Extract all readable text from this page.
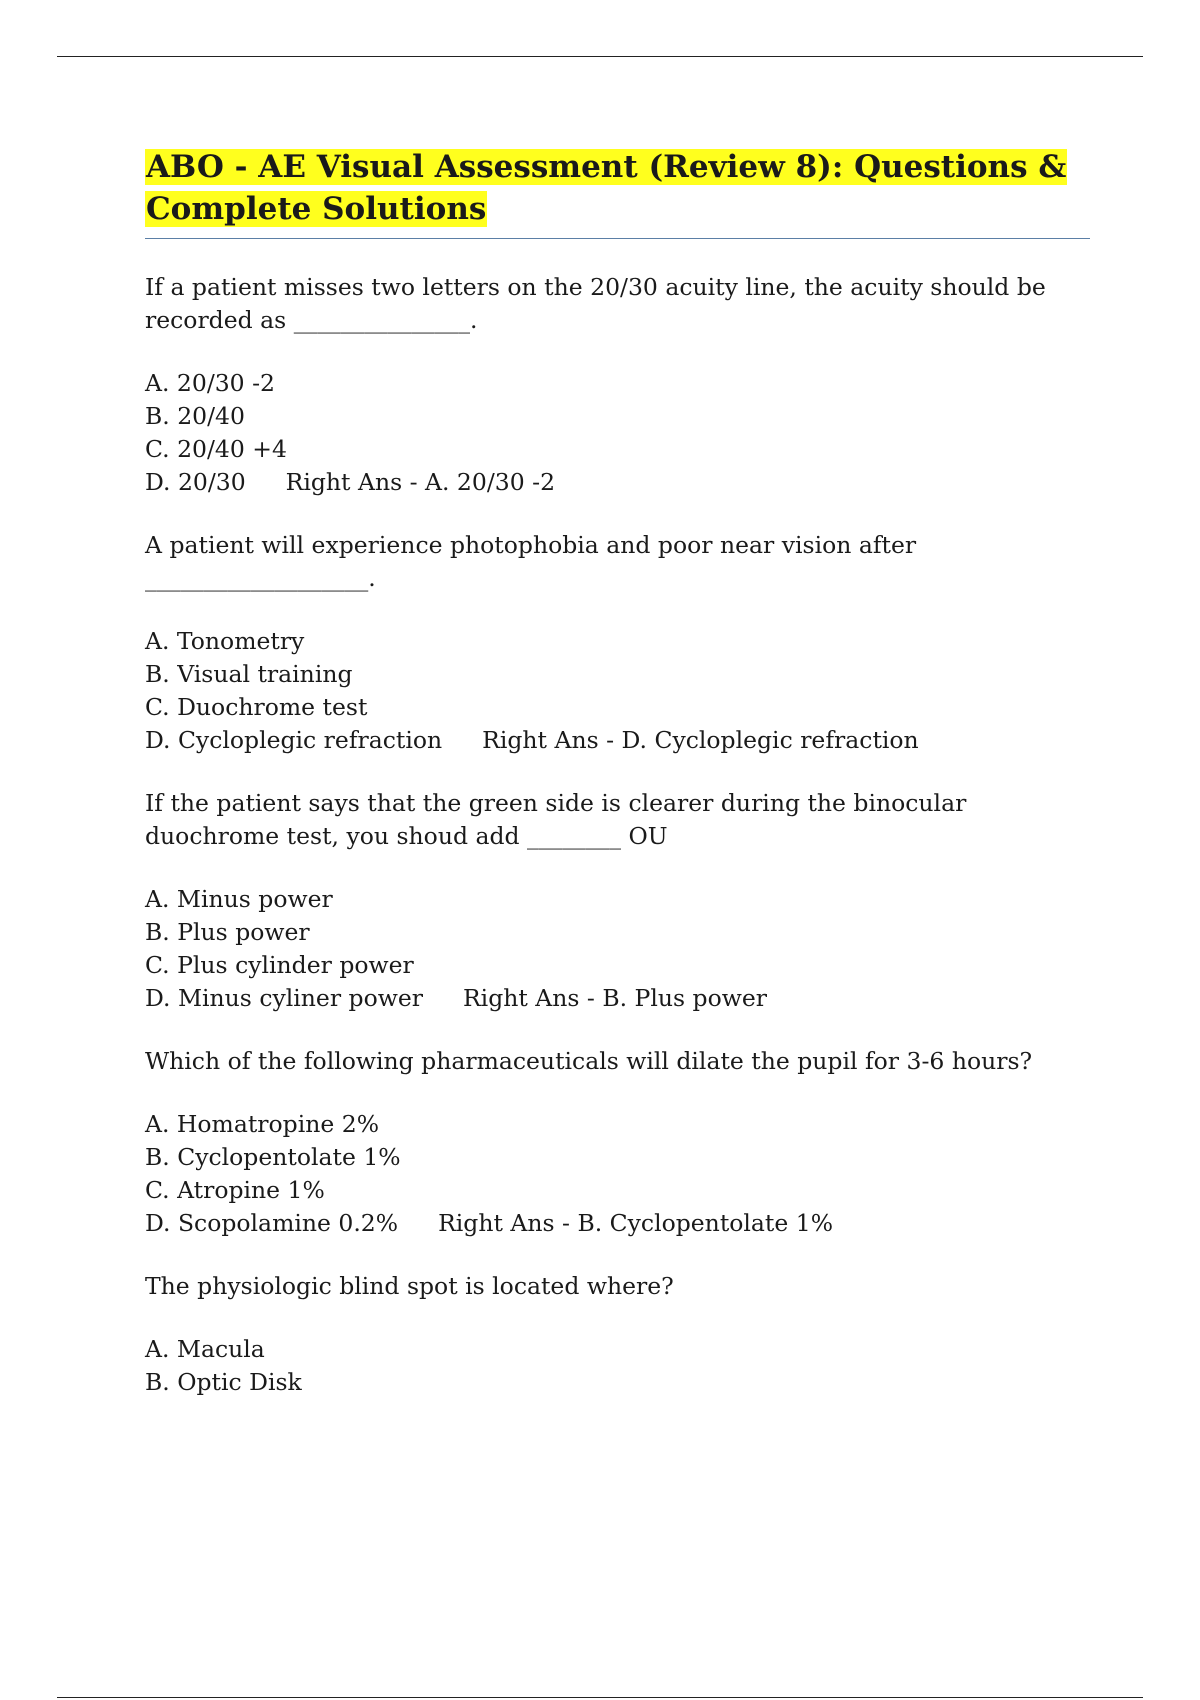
ABO - AE Visual Assessment (Review 8): Questions & Complete Solutions

If a patient misses two letters on the 20/30 acuity line, the acuity should be recorded as _______________.

A. 20/30 -2
B. 20/40
C. 20/40 +4
D. 20/30 Right Ans - A. 20/30 -2

A patient will experience photophobia and poor near vision after ___________________.

A. Tonometry
B. Visual training
C. Duochrome test
D. Cycloplegic refraction Right Ans - D. Cycloplegic refraction

If the patient says that the green side is clearer during the binocular duochrome test, you shoud add ________ OU

A. Minus power
B. Plus power
C. Plus cylinder power
D. Minus cyliner power Right Ans - B. Plus power

Which of the following pharmaceuticals will dilate the pupil for 3-6 hours?

A. Homatropine 2%
B. Cyclopentolate 1%
C. Atropine 1%
D. Scopolamine 0.2% Right Ans - B. Cyclopentolate 1%

The physiologic blind spot is located where?

A. Macula
B. Optic Disk
